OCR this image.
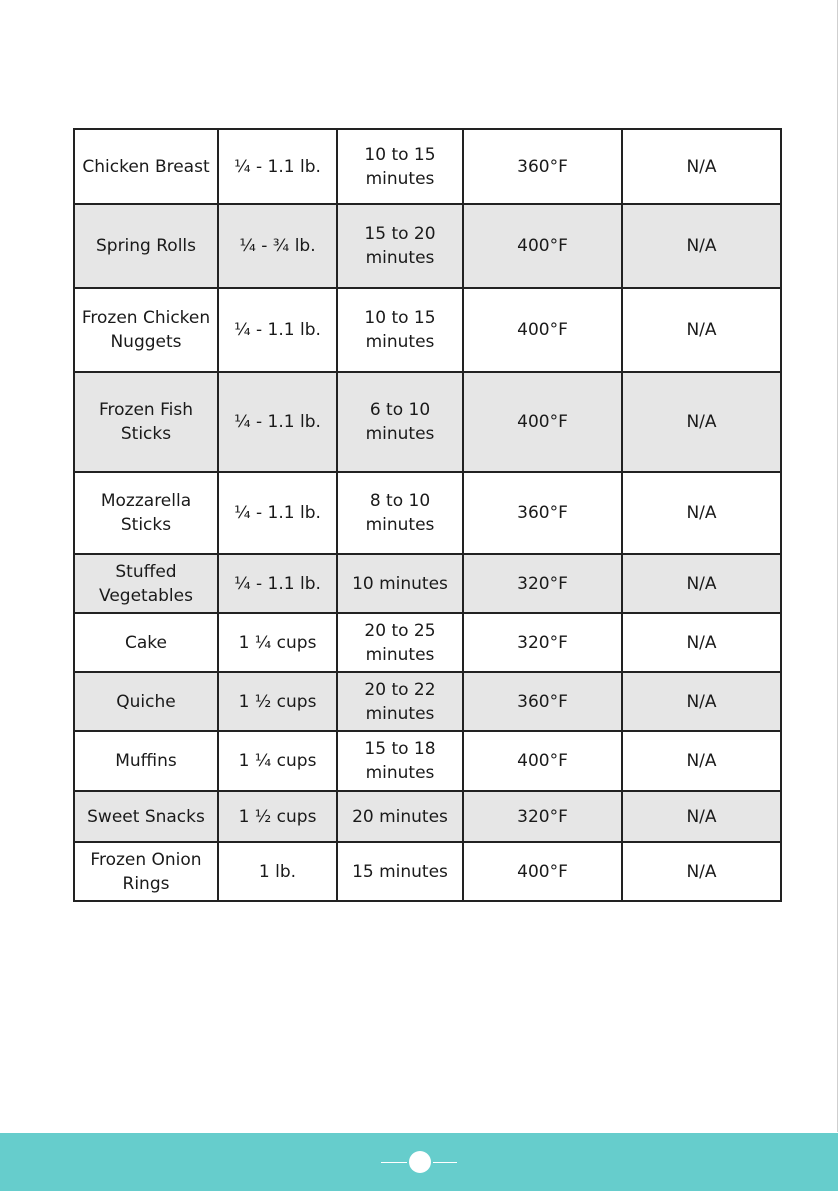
Chicken Breast	¼ - 1.1 lb.	10 to 15 minutes	360°F	N/A
Spring Rolls	¼ - ¾ lb.	15 to 20 minutes	400°F	N/A
Frozen Chicken Nuggets	¼ - 1.1 lb.	10 to 15 minutes	400°F	N/A
Frozen Fish Sticks	¼ - 1.1 lb.	6 to 10 minutes	400°F	N/A
Mozzarella Sticks	¼ - 1.1 lb.	8 to 10 minutes	360°F	N/A
Stuffed Vegetables	¼ - 1.1 lb.	10 minutes	320°F	N/A
Cake	1 ¼ cups	20 to 25 minutes	320°F	N/A
Quiche	1 ½ cups	20 to 22 minutes	360°F	N/A
Muffins	1 ¼ cups	15 to 18 minutes	400°F	N/A
Sweet Snacks	1 ½ cups	20 minutes	320°F	N/A
Frozen Onion Rings	1 lb.	15 minutes	400°F	N/A
